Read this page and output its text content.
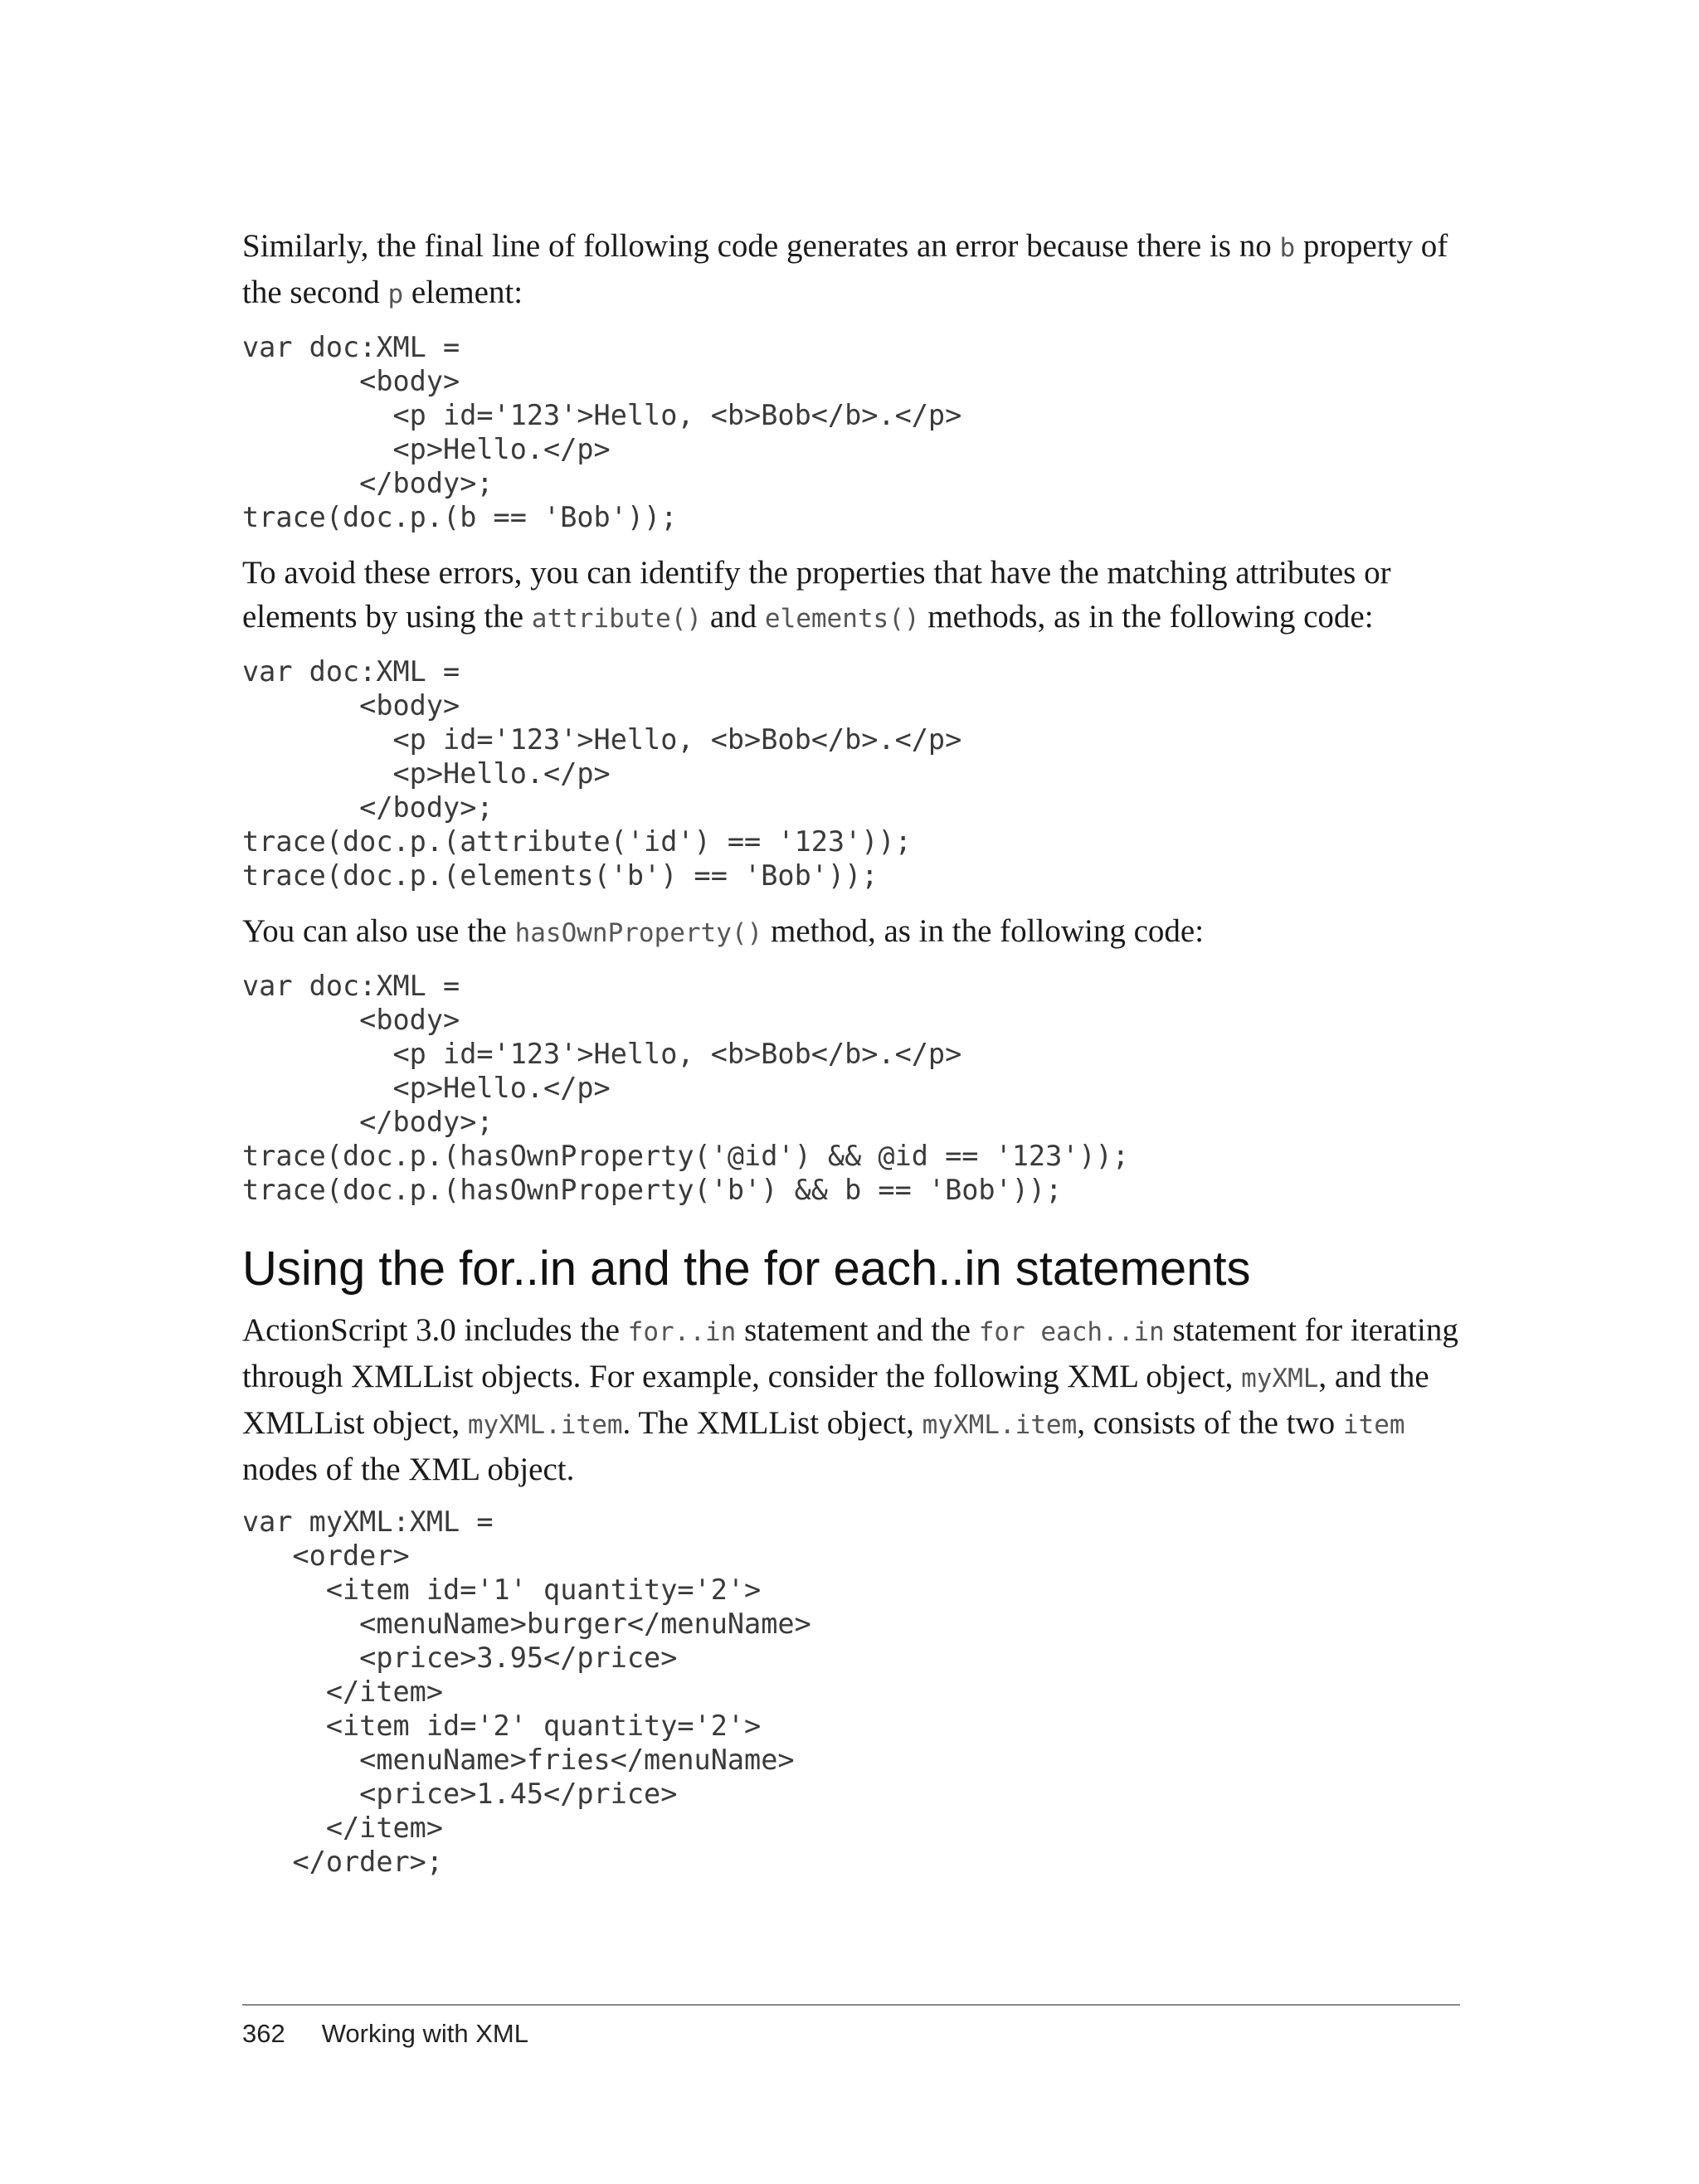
Similarly, the final line of following code generates an error because there is no b property of the second p element:

var doc:XML =
<body>
<p id='123'>Hello, <b>Bob</b>.</p>
<p>Hello.</p>
</body>;
trace(doc.p.(b == 'Bob'));

To avoid these errors, you can identify the properties that have the matching attributes or elements by using the attribute() and elements() methods, as in the following code:

var doc:XML =
<body>
<p id='123'>Hello, <b>Bob</b>.</p>
<p>Hello.</p>
</body>;
trace(doc.p.(attribute('id') == '123'));
trace(doc.p.(elements('b') == 'Bob'));

You can also use the hasOwnProperty() method, as in the following code:

var doc:XML =
<body>
<p id='123'>Hello, <b>Bob</b>.</p>
<p>Hello.</p>
</body>;
trace(doc.p.(hasOwnProperty('@id') && @id == '123'));
trace(doc.p.(hasOwnProperty('b') && b == 'Bob'));
Using the for..in and the for each..in statements

ActionScript 3.0 includes the for..in statement and the for each..in statement for iterating through XMLList objects. For example, consider the following XML object, myXML, and the XMLList object, myXML.item. The XMLList object, myXML.item, consists of the two item nodes of the XML object.

var myXML:XML =
<order>
<item id='1' quantity='2'>
<menuName>burger</menuName>
<price>3.95</price>
</item>
<item id='2' quantity='2'>
<menuName>fries</menuName>
<price>1.45</price>
</item>
</order>;
362 Working with XML
